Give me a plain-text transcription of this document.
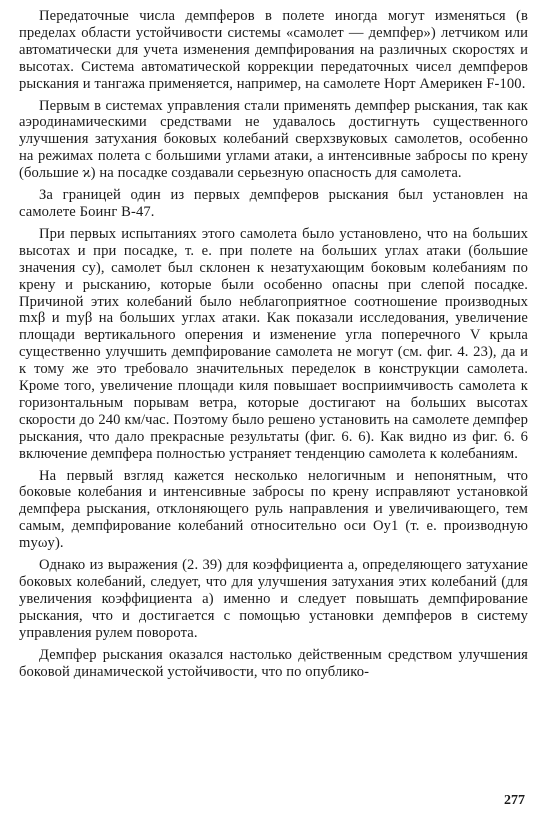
Передаточные числа демпферов в полете иногда могут изменяться (в пределах области устойчивости системы «самолет — демпфер») летчиком или автоматически для учета изменения демпфирования на различных скоростях и высотах. Система автоматической коррекции передаточных чисел демпферов рыскания и тангажа применяется, например, на самолете Норт Америкен F-100.

Первым в системах управления стали применять демпфер рыскания, так как аэродинамическими средствами не удавалось достигнуть существенного улучшения затухания боковых колебаний сверхзвуковых самолетов, особенно на режимах полета с большими углами атаки, а интенсивные забросы по крену (большие ϰ) на посадке создавали серьезную опасность для самолета.

За границей один из первых демпферов рыскания был установлен на самолете Боинг В-47.

При первых испытаниях этого самолета было установлено, что на больших высотах и при посадке, т. е. при полете на больших углах атаки (большие значения cy), самолет был склонен к незатухающим боковым колебаниям по крену и рысканию, которые были особенно опасны при слепой посадке. Причиной этих колебаний было неблагоприятное соотношение производных mxβ и myβ на больших углах атаки. Как показали исследования, увеличение площади вертикального оперения и изменение угла поперечного V крыла существенно улучшить демпфирование самолета не могут (см. фиг. 4. 23), да и к тому же это требовало значительных переделок в конструкции самолета. Кроме того, увеличение площади киля повышает восприимчивость самолета к горизонтальным порывам ветра, которые достигают на больших высотах скорости до 240 км/час. Поэтому было решено установить на самолете демпфер рыскания, что дало прекрасные результаты (фиг. 6. 6). Как видно из фиг. 6. 6 включение демпфера полностью устраняет тенденцию самолета к колебаниям.

На первый взгляд кажется несколько нелогичным и непонятным, что боковые колебания и интенсивные забросы по крену исправляют установкой демпфера рыскания, отклоняющего руль направления и увеличивающего, тем самым, демпфирование колебаний относительно оси Oy1 (т. е. производную myωy).

Однако из выражения (2. 39) для коэффициента a, определяющего затухание боковых колебаний, следует, что для улучшения затухания этих колебаний (для увеличения коэффициента a) именно и следует повышать демпфирование рыскания, что и достигается с помощью установки демпферов в систему управления рулем поворота.

Демпфер рыскания оказался настолько действенным средством улучшения боковой динамической устойчивости, что по опублико-

277
